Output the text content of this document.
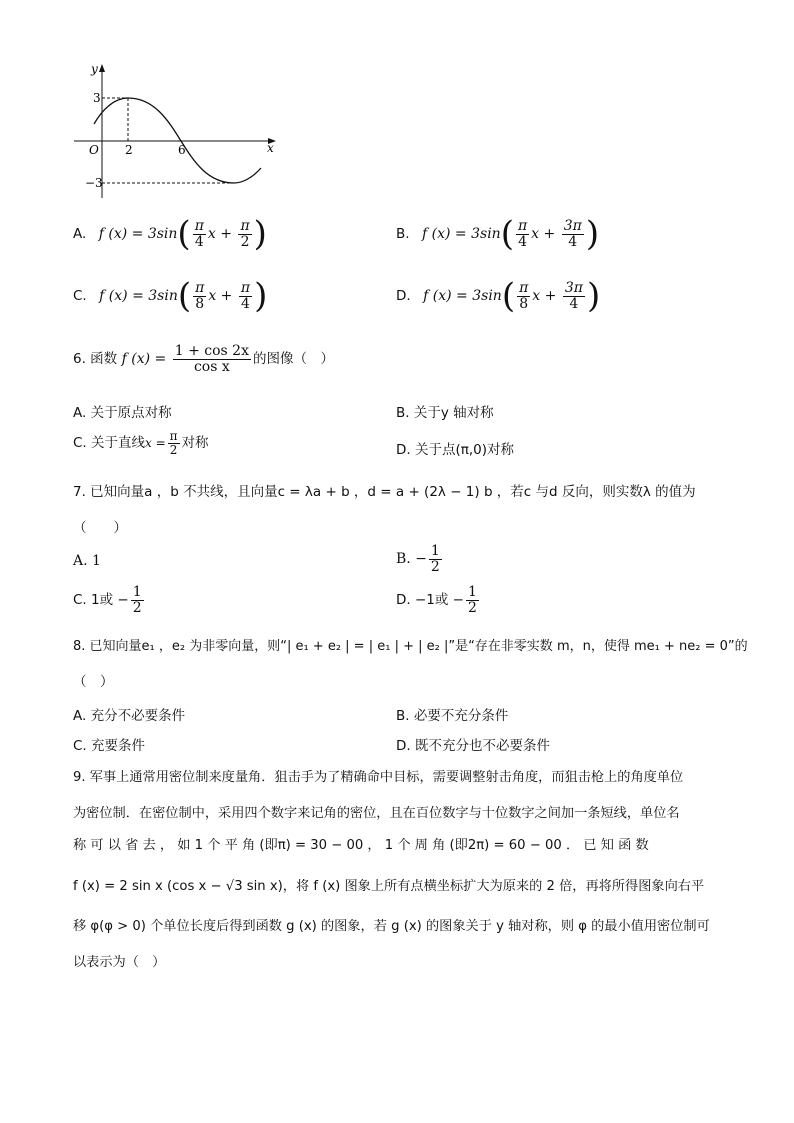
y
x
O
3
−3
2	6
A. f $(x) = 3\sin( \frac{\pi}{4}$ $x + \frac{\pi}{2}$ )	B. f $(x) = 3\sin( \frac{\pi}{4}$ $x + \frac{3\pi}{4}$ )
C. f $(x) = 3\sin( \frac{\pi}{8}$ $x + \frac{\pi}{4}$ )	D. f $(x) = 3\sin( \frac{\pi}{8}$ $x + \frac{3\pi}{4}$ )
6. 函数 f $(x) = \frac{1 + \cos 2x}{\text{cos x}}$ 的图像（　）
A. 关于原点对称	B. 关于y 轴对称
C. 关于直线$x = \frac{\pi}{2}$ 对称	D. 关于点(π,0)对称
7. 已知向量a ，b 不共线，且向量c = λa + b ，d = a + (2λ − 1) b ，若c 与d 反向，则实数λ 的值为
（　　）
A. 1	B. − $\frac{1}{2}$
C. 1或 − $\frac{1}{2}$	D. −1或 − $\frac{1}{2}$
8. 已知向量e₁ ，e₂ 为非零向量，则“| e₁ + e₂ | = | e₁ | + | e₂ |”是“存在非零实数 m，n，使得 me₁ + ne₂ = 0”的
（　）
A. 充分不必要条件	B. 必要不充分条件
C. 充要条件	D. 既不充分也不必要条件
9. 军事上通常用密位制来度量角．狙击手为了精确命中目标，需要调整射击角度，而狙击枪上的角度单位
为密位制．在密位制中，采用四个数字来记角的密位，且在百位数字与十位数字之间加一条短线，单位名
称 可 以 省 去 ， 如 1 个 平 角 (即π) = 30 − 00 ， 1 个 周 角 (即2π) = 60 − 00 ． 已 知 函 数
f (x) = 2 sin x (cos x − √3 sin x)，将 f (x) 图象上所有点横坐标扩大为原来的 2 倍，再将所得图象向右平
移 φ(φ > 0) 个单位长度后得到函数 g (x) 的图象，若 g (x) 的图象关于 y 轴对称，则 φ 的最小值用密位制可
以表示为（　）
